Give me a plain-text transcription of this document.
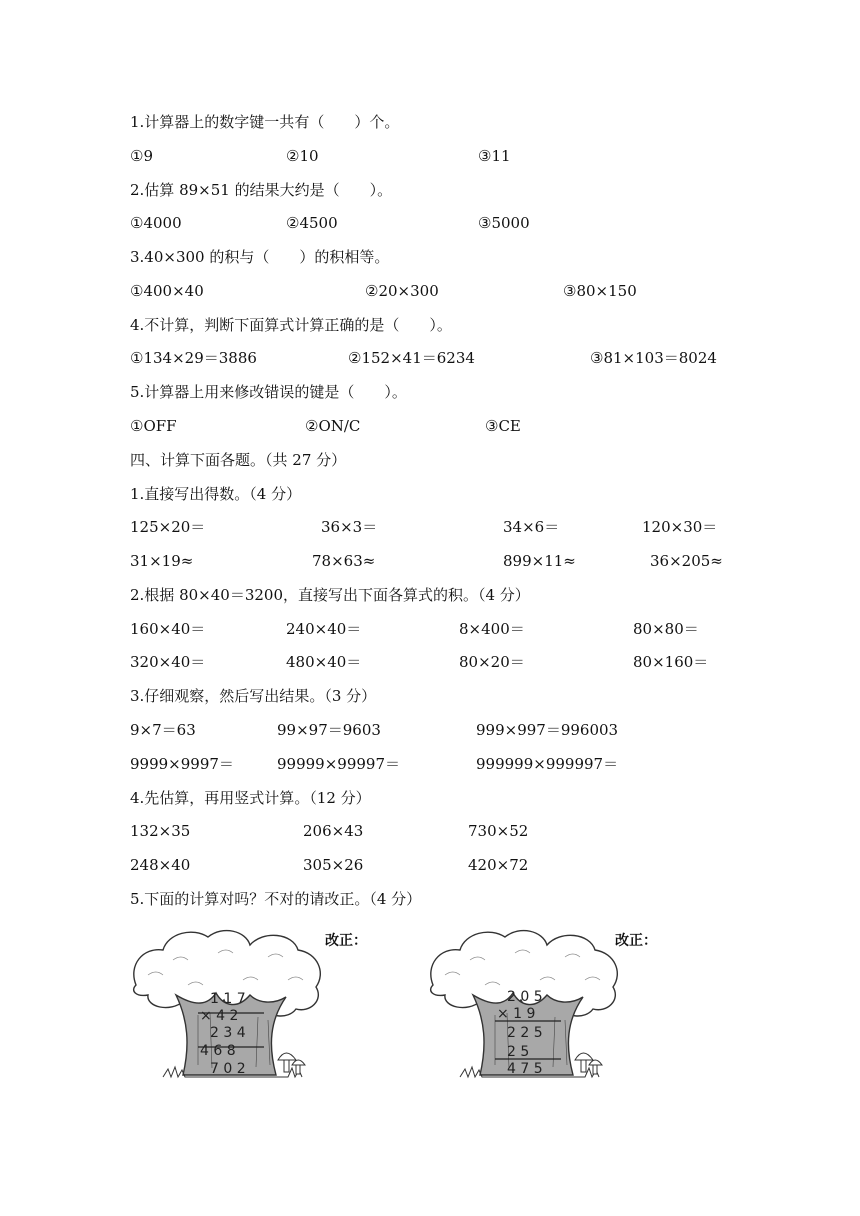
1.计算器上的数字键一共有（　　）个。
①9	②10	③11
2.估算 89×51 的结果大约是（　　）。
①4000	②4500	③5000
3.40×300 的积与（　　）的积相等。
①400×40	②20×300	③80×150
4.不计算，判断下面算式计算正确的是（　　）。
①134×29＝3886	②152×41＝6234	③81×103＝8024
5.计算器上用来修改错误的键是（　　）。
①OFF	②ON/C	③CE
四、计算下面各题。（共 27 分）
1.直接写出得数。（4 分）
125×20＝	36×3＝	34×6＝	120×30＝
31×19≈	78×63≈	899×11≈	36×205≈
2.根据 80×40＝3200，直接写出下面各算式的积。（4 分）
160×40＝	240×40＝	8×400＝	80×80＝
320×40＝	480×40＝	80×20＝	80×160＝
3.仔细观察，然后写出结果。（3 分）
9×7＝63	99×97＝9603	999×997＝996003
9999×9997＝	99999×99997＝	999999×999997＝
4.先估算，再用竖式计算。（12 分）
132×35	206×43	730×52
248×40	305×26	420×72
5.下面的计算对吗？不对的请改正。（4 分）
1 1 7
× 4 2
2 3 4
4 6 8
7 0 2
改正：
2 0 5
× 1 9
2 2 5
2 5
4 7 5
改正：
